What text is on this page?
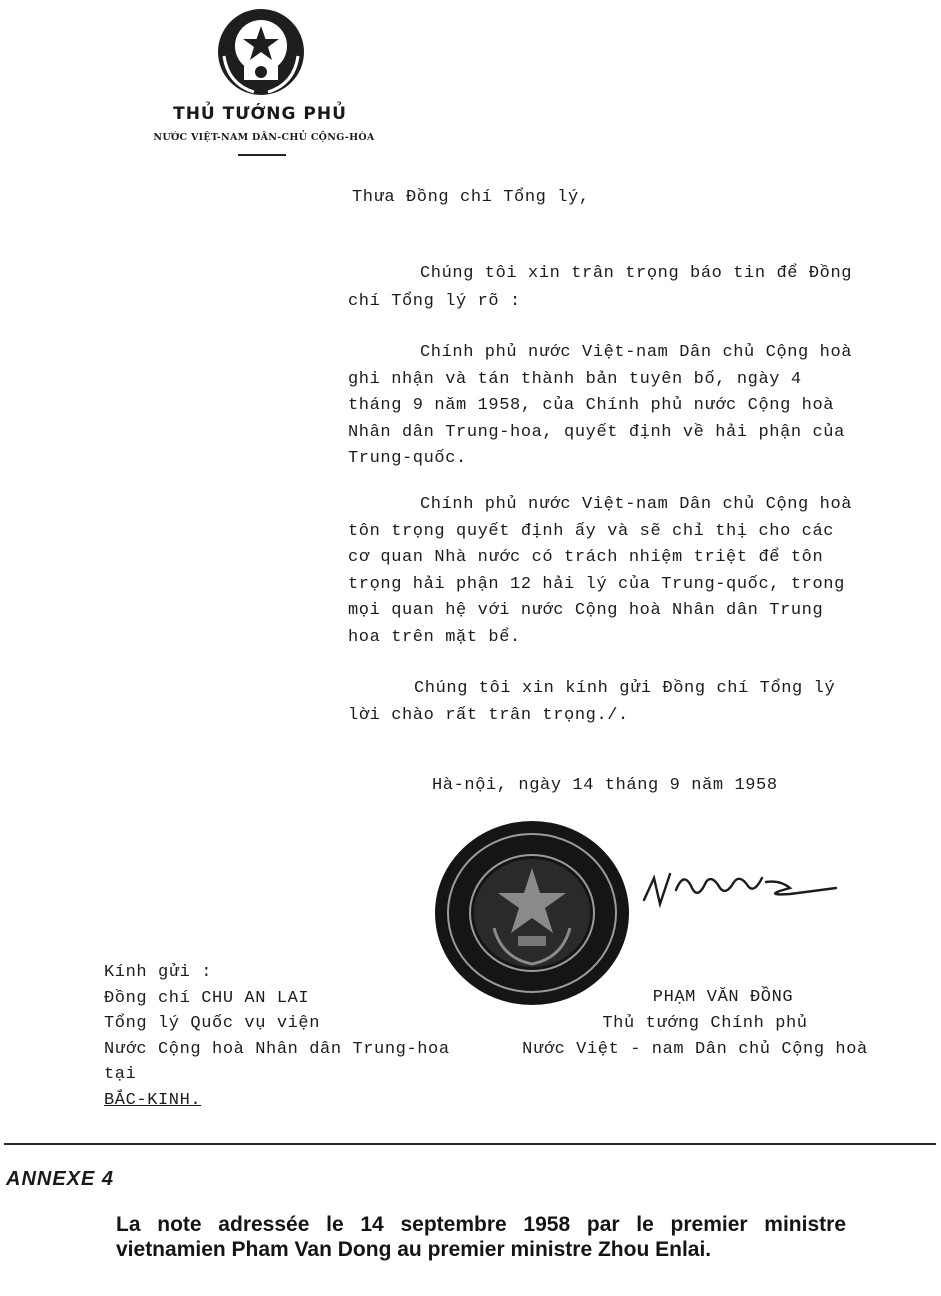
THỦ TƯỚNG PHỦ
NƯỚC VIỆT-NAM DÂN-CHỦ CỘNG-HÒA
Thưa Đồng chí Tổng lý,

Chúng tôi xin trân trọng báo tin để Đồng

chí Tổng lý rõ :

Chính phủ nước Việt-nam Dân chủ Cộng hoà

ghi nhận và tán thành bản tuyên bố, ngày 4

tháng 9 năm 1958, của Chính phủ nước Cộng hoà

Nhân dân Trung-hoa, quyết định về hải phận của

Trung-quốc.

Chính phủ nước Việt-nam Dân chủ Cộng hoà

tôn trọng quyết định ấy và sẽ chỉ thị cho các

cơ quan Nhà nước có trách nhiệm triệt để tôn

trọng hải phận 12 hải lý của Trung-quốc, trong

mọi quan hệ với nước Cộng hoà Nhân dân Trung

hoa trên mặt bể.

Chúng tôi xin kính gửi Đồng chí Tổng lý

lời chào rất trân trọng./.

Hà-nội, ngày 14 tháng 9 năm 1958
PHẠM VĂN ĐỒNG
Thủ tướng Chính phủ
Nước Việt - nam Dân chủ Cộng hoà
Kính gửi :
Đồng chí CHU AN LAI
Tổng lý Quốc vụ viện
Nước Cộng hoà Nhân dân Trung-hoa
tại
BẮC-KINH.
ANNEXE 4

La note adressée le 14 septembre 1958 par le premier ministre vietnamien Pham Van Dong au premier ministre Zhou Enlai.
